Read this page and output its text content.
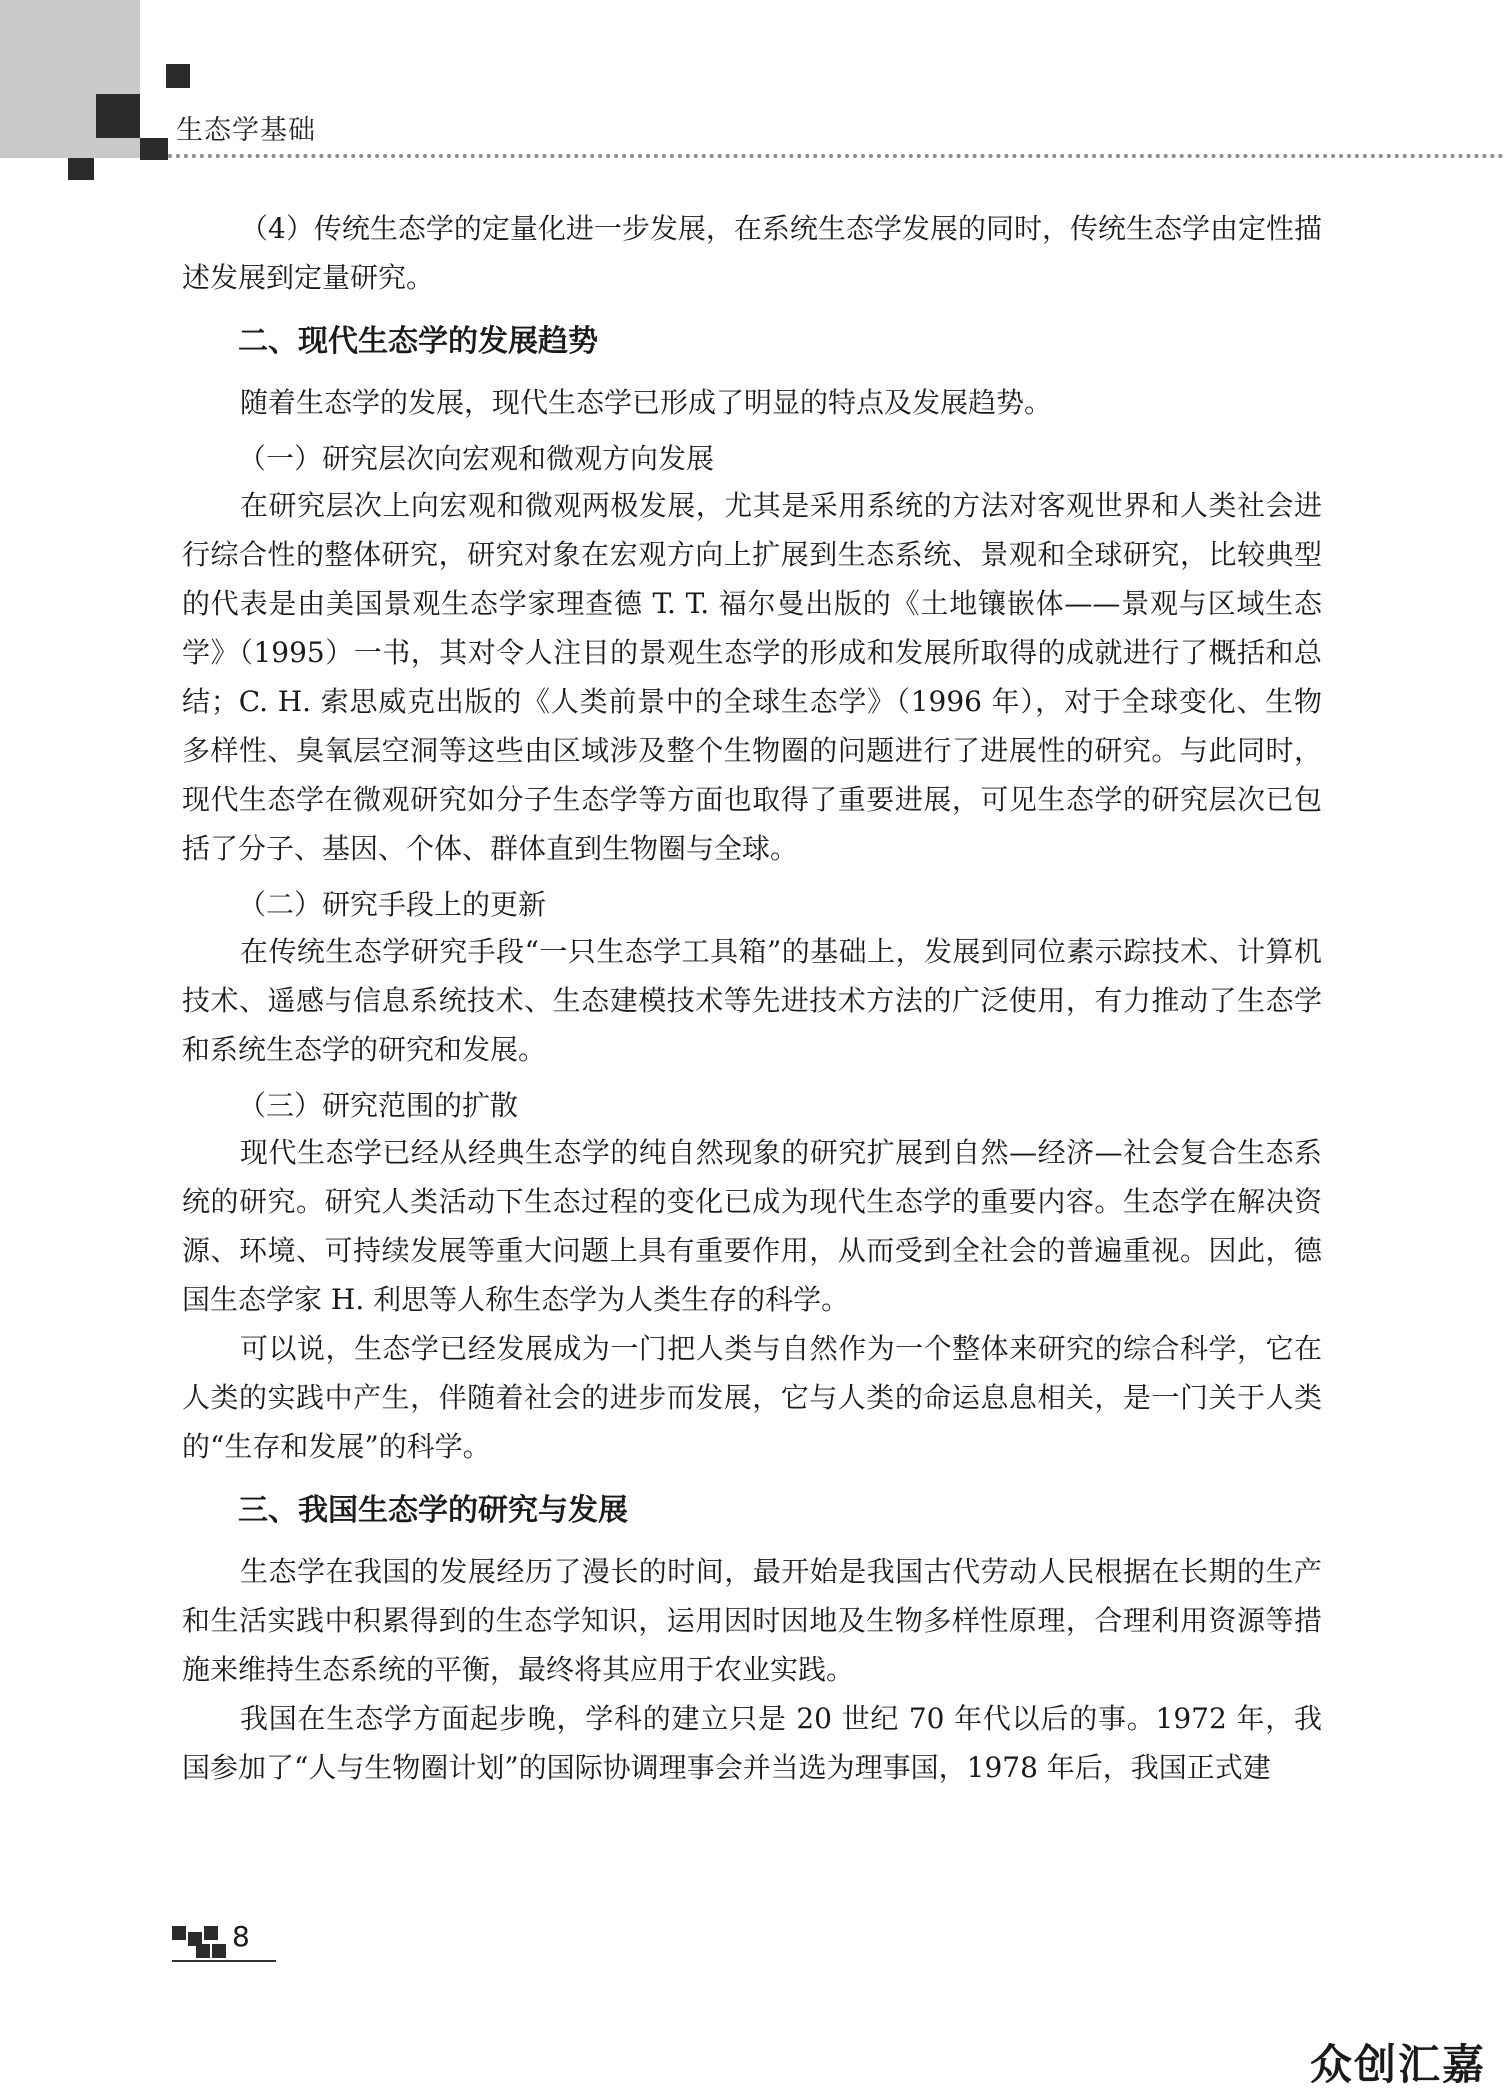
生态学基础

（4）传统生态学的定量化进一步发展，在系统生态学发展的同时，传统生态学由定性描述发展到定量研究。

二、现代生态学的发展趋势

随着生态学的发展，现代生态学已形成了明显的特点及发展趋势。

（一）研究层次向宏观和微观方向发展

在研究层次上向宏观和微观两极发展，尤其是采用系统的方法对客观世界和人类社会进行综合性的整体研究，研究对象在宏观方向上扩展到生态系统、景观和全球研究，比较典型的代表是由美国景观生态学家理查德 T. T. 福尔曼出版的《土地镶嵌体——景观与区域生态学》（1995）一书，其对令人注目的景观生态学的形成和发展所取得的成就进行了概括和总结；C. H. 索思威克出版的《人类前景中的全球生态学》（1996 年），对于全球变化、生物多样性、臭氧层空洞等这些由区域涉及整个生物圈的问题进行了进展性的研究。与此同时，现代生态学在微观研究如分子生态学等方面也取得了重要进展，可见生态学的研究层次已包括了分子、基因、个体、群体直到生物圈与全球。

（二）研究手段上的更新

在传统生态学研究手段“一只生态学工具箱”的基础上，发展到同位素示踪技术、计算机技术、遥感与信息系统技术、生态建模技术等先进技术方法的广泛使用，有力推动了生态学和系统生态学的研究和发展。

（三）研究范围的扩散

现代生态学已经从经典生态学的纯自然现象的研究扩展到自然—经济—社会复合生态系统的研究。研究人类活动下生态过程的变化已成为现代生态学的重要内容。生态学在解决资源、环境、可持续发展等重大问题上具有重要作用，从而受到全社会的普遍重视。因此，德国生态学家 H. 利思等人称生态学为人类生存的科学。

可以说，生态学已经发展成为一门把人类与自然作为一个整体来研究的综合科学，它在人类的实践中产生，伴随着社会的进步而发展，它与人类的命运息息相关，是一门关于人类的“生存和发展”的科学。

三、我国生态学的研究与发展

生态学在我国的发展经历了漫长的时间，最开始是我国古代劳动人民根据在长期的生产和生活实践中积累得到的生态学知识，运用因时因地及生物多样性原理，合理利用资源等措施来维持生态系统的平衡，最终将其应用于农业实践。

我国在生态学方面起步晚，学科的建立只是 20 世纪 70 年代以后的事。1972 年，我国参加了“人与生物圈计划”的国际协调理事会并当选为理事国，1978 年后，我国正式建

8
众创汇嘉
